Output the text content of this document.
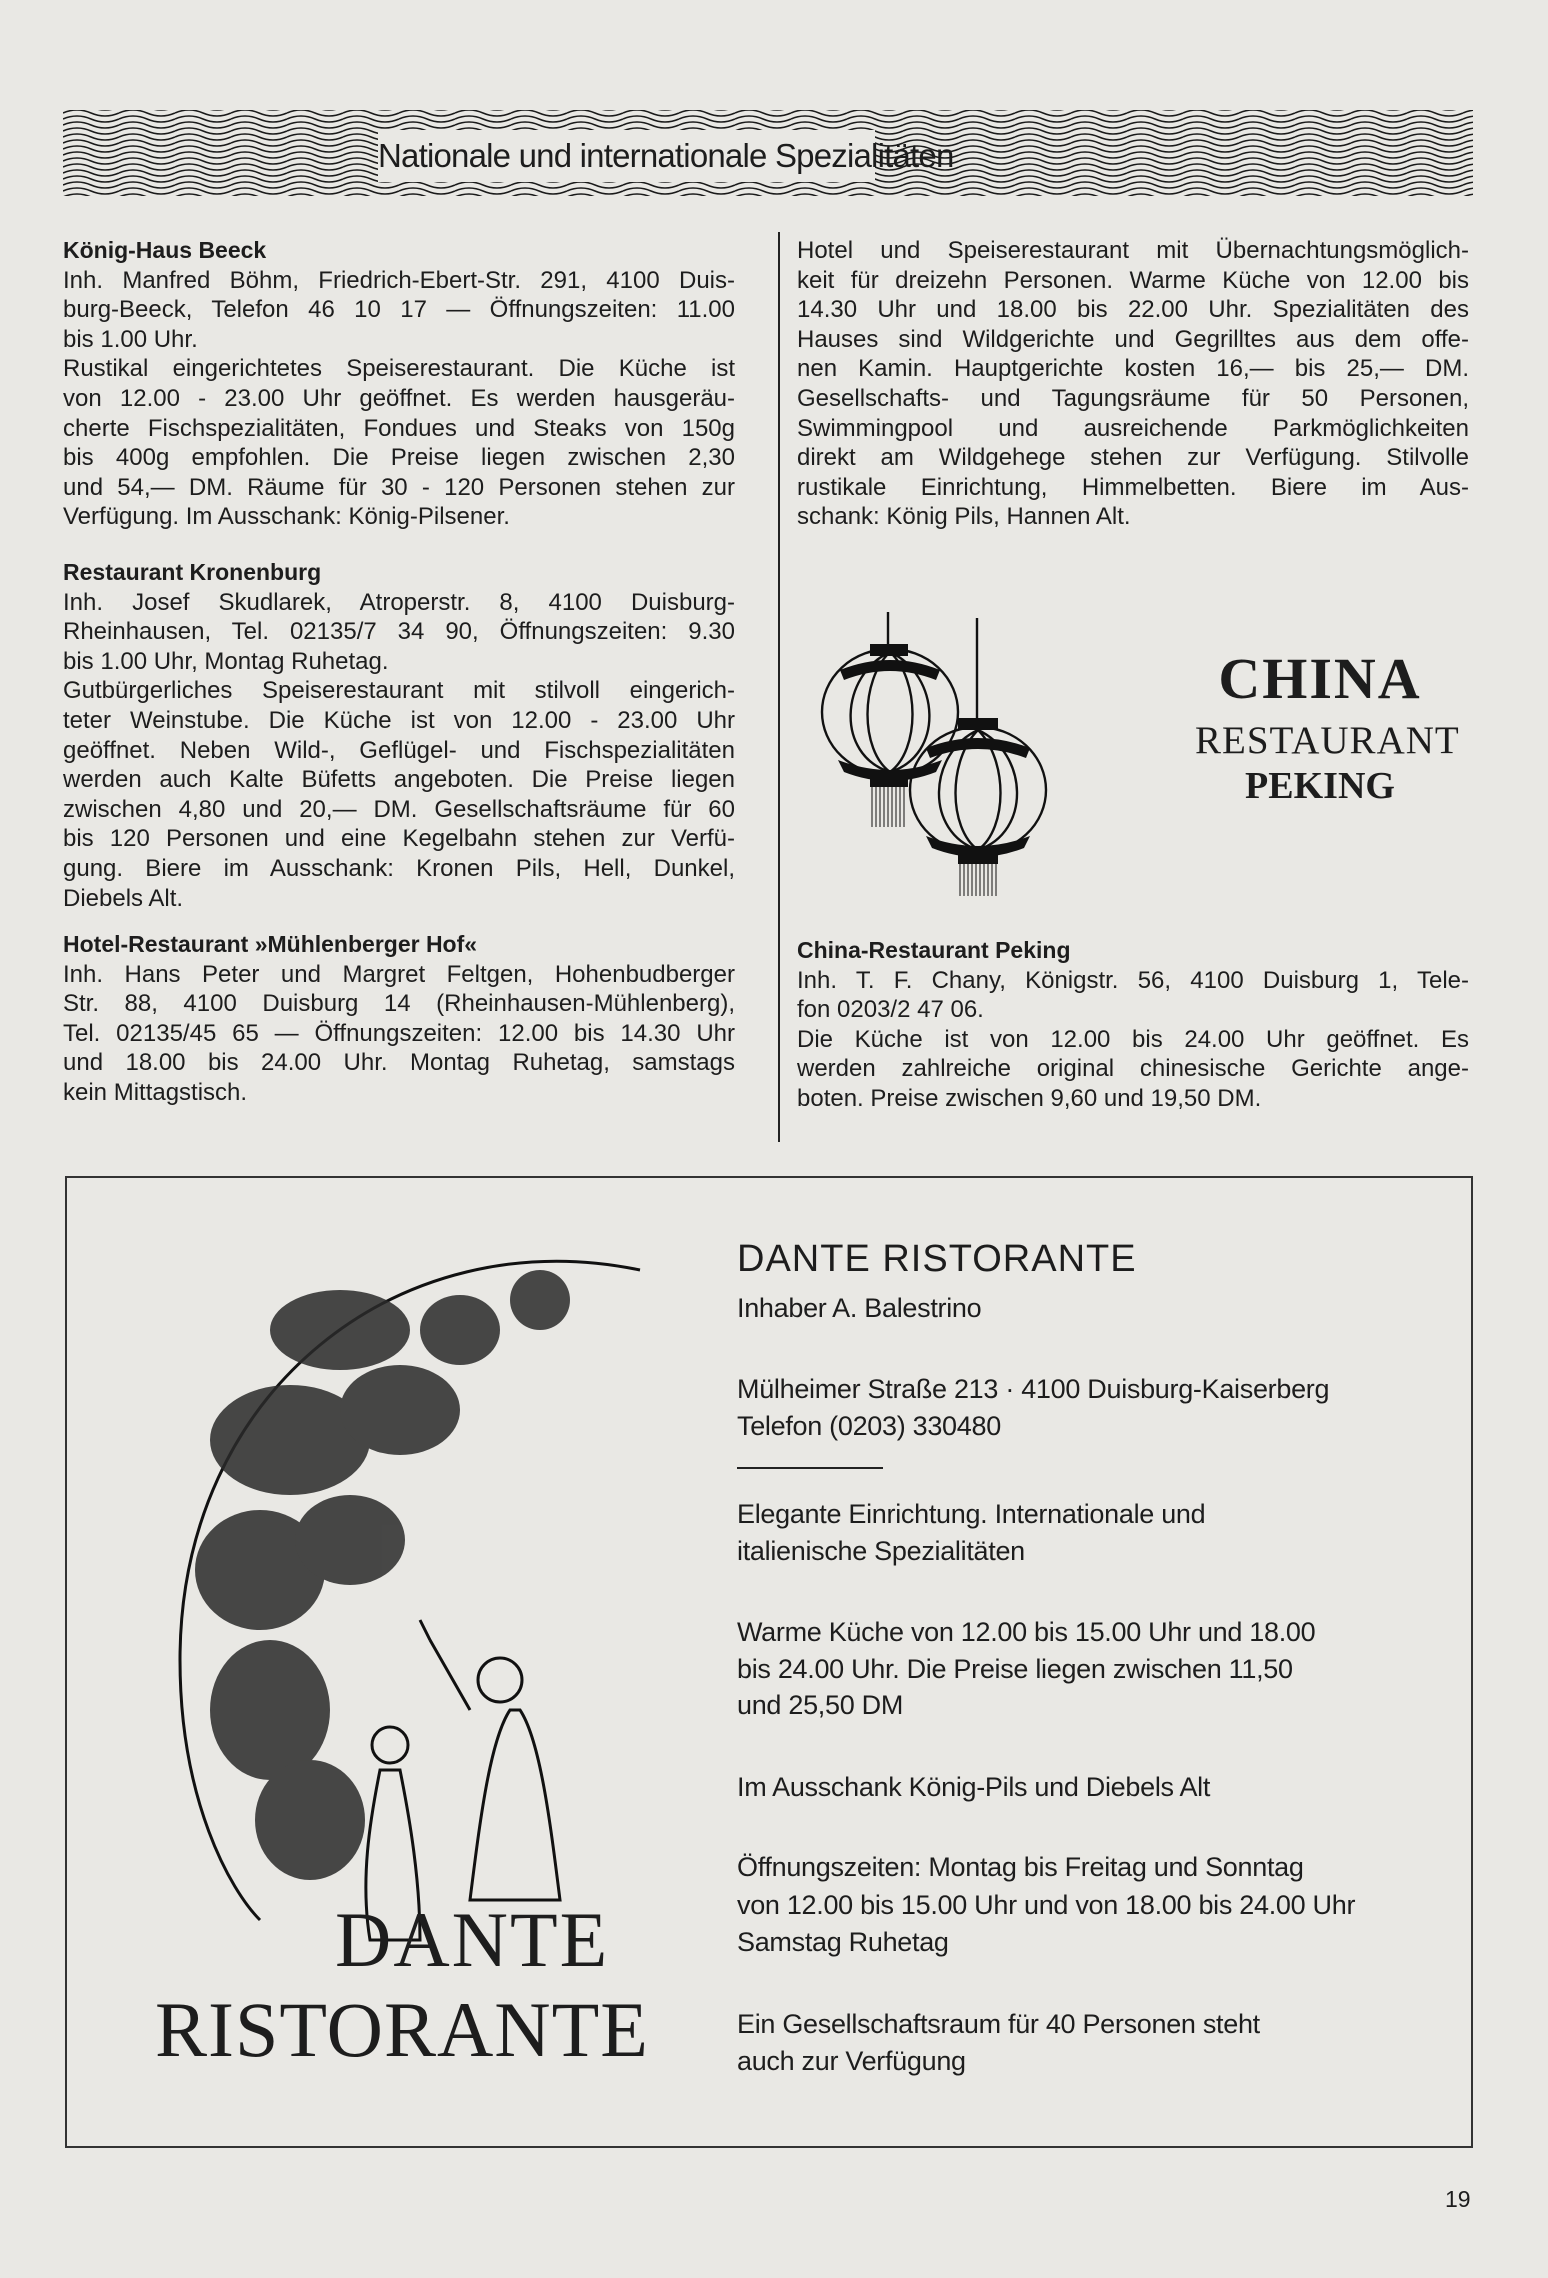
Nationale und internationale Spezialitäten
König-Haus Beeck
Inh. Manfred Böhm, Friedrich-Ebert-Str. 291, 4100 Duis-
burg-Beeck, Telefon 46 10 17 — Öffnungszeiten: 11.00
bis 1.00 Uhr.
Rustikal eingerichtetes Speiserestaurant. Die Küche ist
von 12.00 - 23.00 Uhr geöffnet. Es werden hausgeräu-
cherte Fischspezialitäten, Fondues und Steaks von 150g
bis 400g empfohlen. Die Preise liegen zwischen 2,30
und 54,— DM. Räume für 30 - 120 Personen stehen zur
Verfügung. Im Ausschank: König-Pilsener.
Restaurant Kronenburg
Inh. Josef Skudlarek, Atroperstr. 8, 4100 Duisburg-
Rheinhausen, Tel. 02135/7 34 90, Öffnungszeiten: 9.30
bis 1.00 Uhr, Montag Ruhetag.
Gutbürgerliches Speiserestaurant mit stilvoll eingerich-
teter Weinstube. Die Küche ist von 12.00 - 23.00 Uhr
geöffnet. Neben Wild-, Geflügel- und Fischspezialitäten
werden auch Kalte Büfetts angeboten. Die Preise liegen
zwischen 4,80 und 20,— DM. Gesellschaftsräume für 60
bis 120 Personen und eine Kegelbahn stehen zur Verfü-
gung. Biere im Ausschank: Kronen Pils, Hell, Dunkel,
Diebels Alt.
Hotel-Restaurant »Mühlenberger Hof«
Inh. Hans Peter und Margret Feltgen, Hohenbudberger
Str. 88, 4100 Duisburg 14 (Rheinhausen-Mühlenberg),
Tel. 02135/45 65 — Öffnungszeiten: 12.00 bis 14.30 Uhr
und 18.00 bis 24.00 Uhr. Montag Ruhetag, samstags
kein Mittagstisch.
Hotel und Speiserestaurant mit Übernachtungsmöglich-
keit für dreizehn Personen. Warme Küche von 12.00 bis
14.30 Uhr und 18.00 bis 22.00 Uhr. Spezialitäten des
Hauses sind Wildgerichte und Gegrilltes aus dem offe-
nen Kamin. Hauptgerichte kosten 16,— bis 25,— DM.
Gesellschafts- und Tagungsräume für 50 Personen,
Swimmingpool und ausreichende Parkmöglichkeiten
direkt am Wildgehege stehen zur Verfügung. Stilvolle
rustikale Einrichtung, Himmelbetten. Biere im Aus-
schank: König Pils, Hannen Alt.
CHINA
RESTAURANT
PEKING
China-Restaurant Peking
Inh. T. F. Chany, Königstr. 56, 4100 Duisburg 1, Tele-
fon 0203/2 47 06.
Die Küche ist von 12.00 bis 24.00 Uhr geöffnet. Es
werden zahlreiche original chinesische Gerichte ange-
boten. Preise zwischen 9,60 und 19,50 DM.
DANTE
RISTORANTE
DANTE RISTORANTE
Inhaber A. Balestrino
Mülheimer Straße 213 · 4100 Duisburg-Kaiserberg
Telefon (0203) 330480
Elegante Einrichtung. Internationale und
italienische Spezialitäten
Warme Küche von 12.00 bis 15.00 Uhr und 18.00
bis 24.00 Uhr. Die Preise liegen zwischen 11,50
und 25,50 DM
Im Ausschank König-Pils und Diebels Alt
Öffnungszeiten: Montag bis Freitag und Sonntag
von 12.00 bis 15.00 Uhr und von 18.00 bis 24.00 Uhr
Samstag Ruhetag
Ein Gesellschaftsraum für 40 Personen steht
auch zur Verfügung
19
